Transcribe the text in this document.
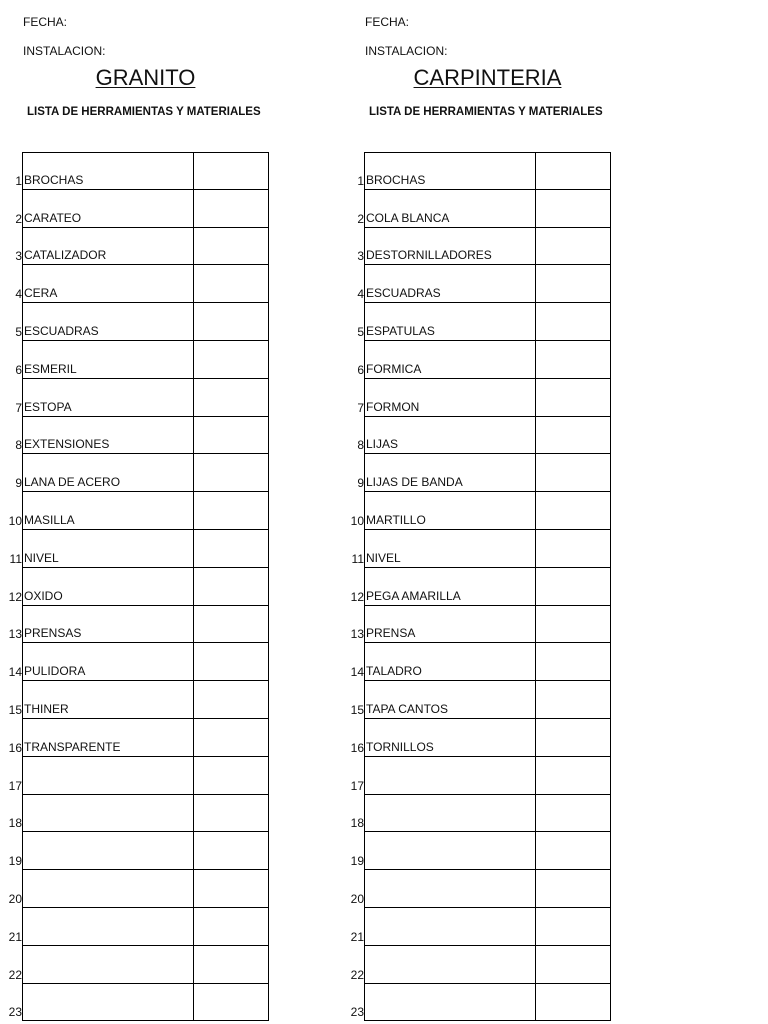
FECHA:
INSTALACION:
GRANITO
LISTA DE HERRAMIENTAS Y MATERIALES
1 BROCHAS
2 CARATEO
3 CATALIZADOR
4 CERA
5 ESCUADRAS
6 ESMERIL
7 ESTOPA
8 EXTENSIONES
9 LANA DE ACERO
10 MASILLA
11 NIVEL
12 OXIDO
13 PRENSAS
14 PULIDORA
15 THINER
16 TRANSPARENTE
17
18
19
20
21
22
23
FECHA:
INSTALACION:
CARPINTERIA
LISTA DE HERRAMIENTAS Y MATERIALES
1 BROCHAS
2 COLA BLANCA
3 DESTORNILLADORES
4 ESCUADRAS
5 ESPATULAS
6 FORMICA
7 FORMON
8 LIJAS
9 LIJAS DE BANDA
10 MARTILLO
11 NIVEL
12 PEGA AMARILLA
13 PRENSA
14 TALADRO
15 TAPA CANTOS
16 TORNILLOS
17
18
19
20
21
22
23
